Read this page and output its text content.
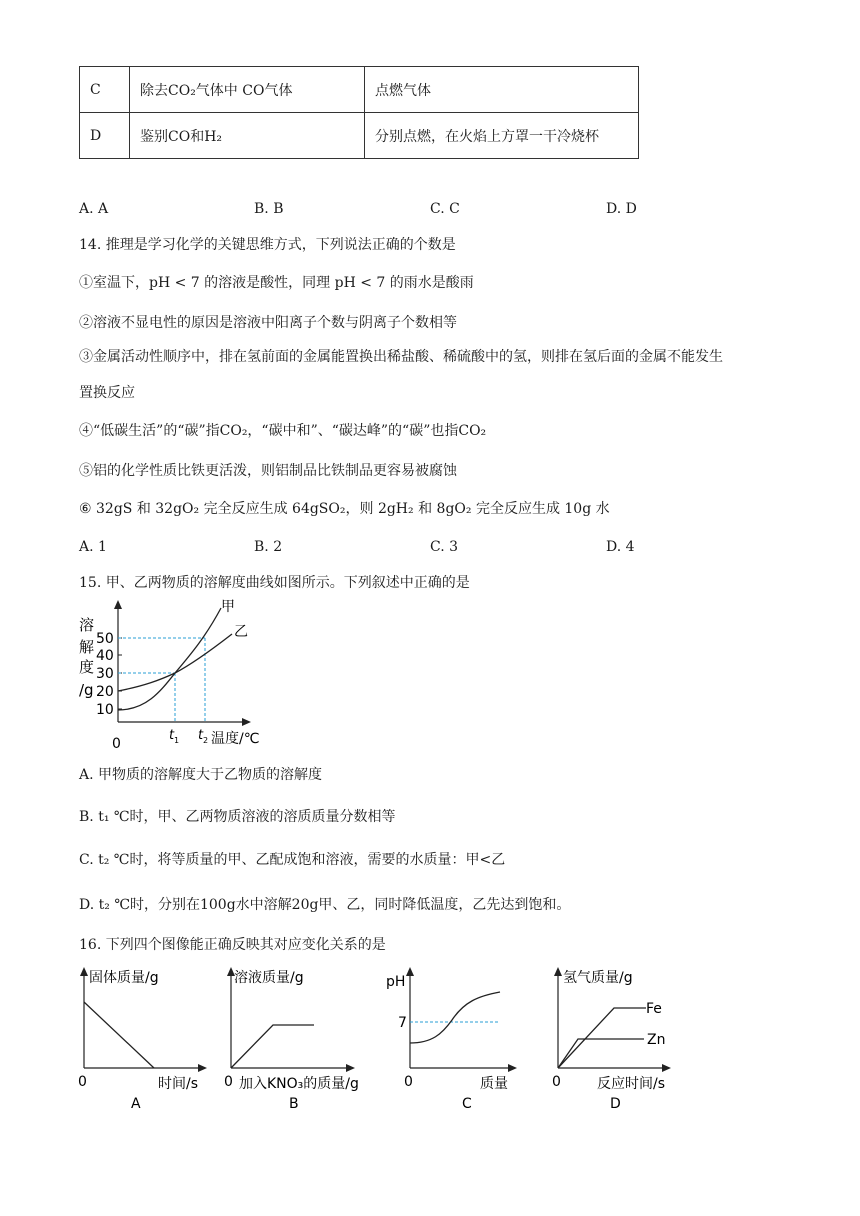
C	除去CO₂气体中 CO气体	点燃气体
D	鉴别CO和H₂	分别点燃，在火焰上方罩一干冷烧杯
A. A	B. B	C. C	D. D
14. 推理是学习化学的关键思维方式，下列说法正确的个数是
①室温下，pH < 7 的溶液是酸性，同理 pH < 7 的雨水是酸雨
②溶液不显电性的原因是溶液中阳离子个数与阴离子个数相等
③金属活动性顺序中，排在氢前面的金属能置换出稀盐酸、稀硫酸中的氢，则排在氢后面的金属不能发生
置换反应
④“低碳生活”的“碳”指CO₂，“碳中和”、“碳达峰”的“碳”也指CO₂
⑤铝的化学性质比铁更活泼，则铝制品比铁制品更容易被腐蚀
⑥ 32gS 和 32gO₂ 完全反应生成 64gSO₂，则 2gH₂ 和 8gO₂ 完全反应生成 10g 水
A. 1	B. 2	C. 3	D. 4
15. 甲、乙两物质的溶解度曲线如图所示。下列叙述中正确的是
溶
解
度
/g
50
40
30
20
10
0
t 1 t 2 温度/℃
甲
乙
A. 甲物质的溶解度大于乙物质的溶解度
B. t₁ ℃时，甲、乙两物质溶液的溶质质量分数相等
C. t₂ ℃时，将等质量的甲、乙配成饱和溶液，需要的水质量：甲<乙
D. t₂ ℃时，分别在100g水中溶解20g甲、乙，同时降低温度，乙先达到饱和。
16. 下列四个图像能正确反映其对应变化关系的是
固体质量/g
0	时间/s
A
溶液质量/g
0 加入KNO₃的质量/g
B
pH
7
0	质量
C
氢气质量/g
Fe
Zn
0	反应时间/s
D
